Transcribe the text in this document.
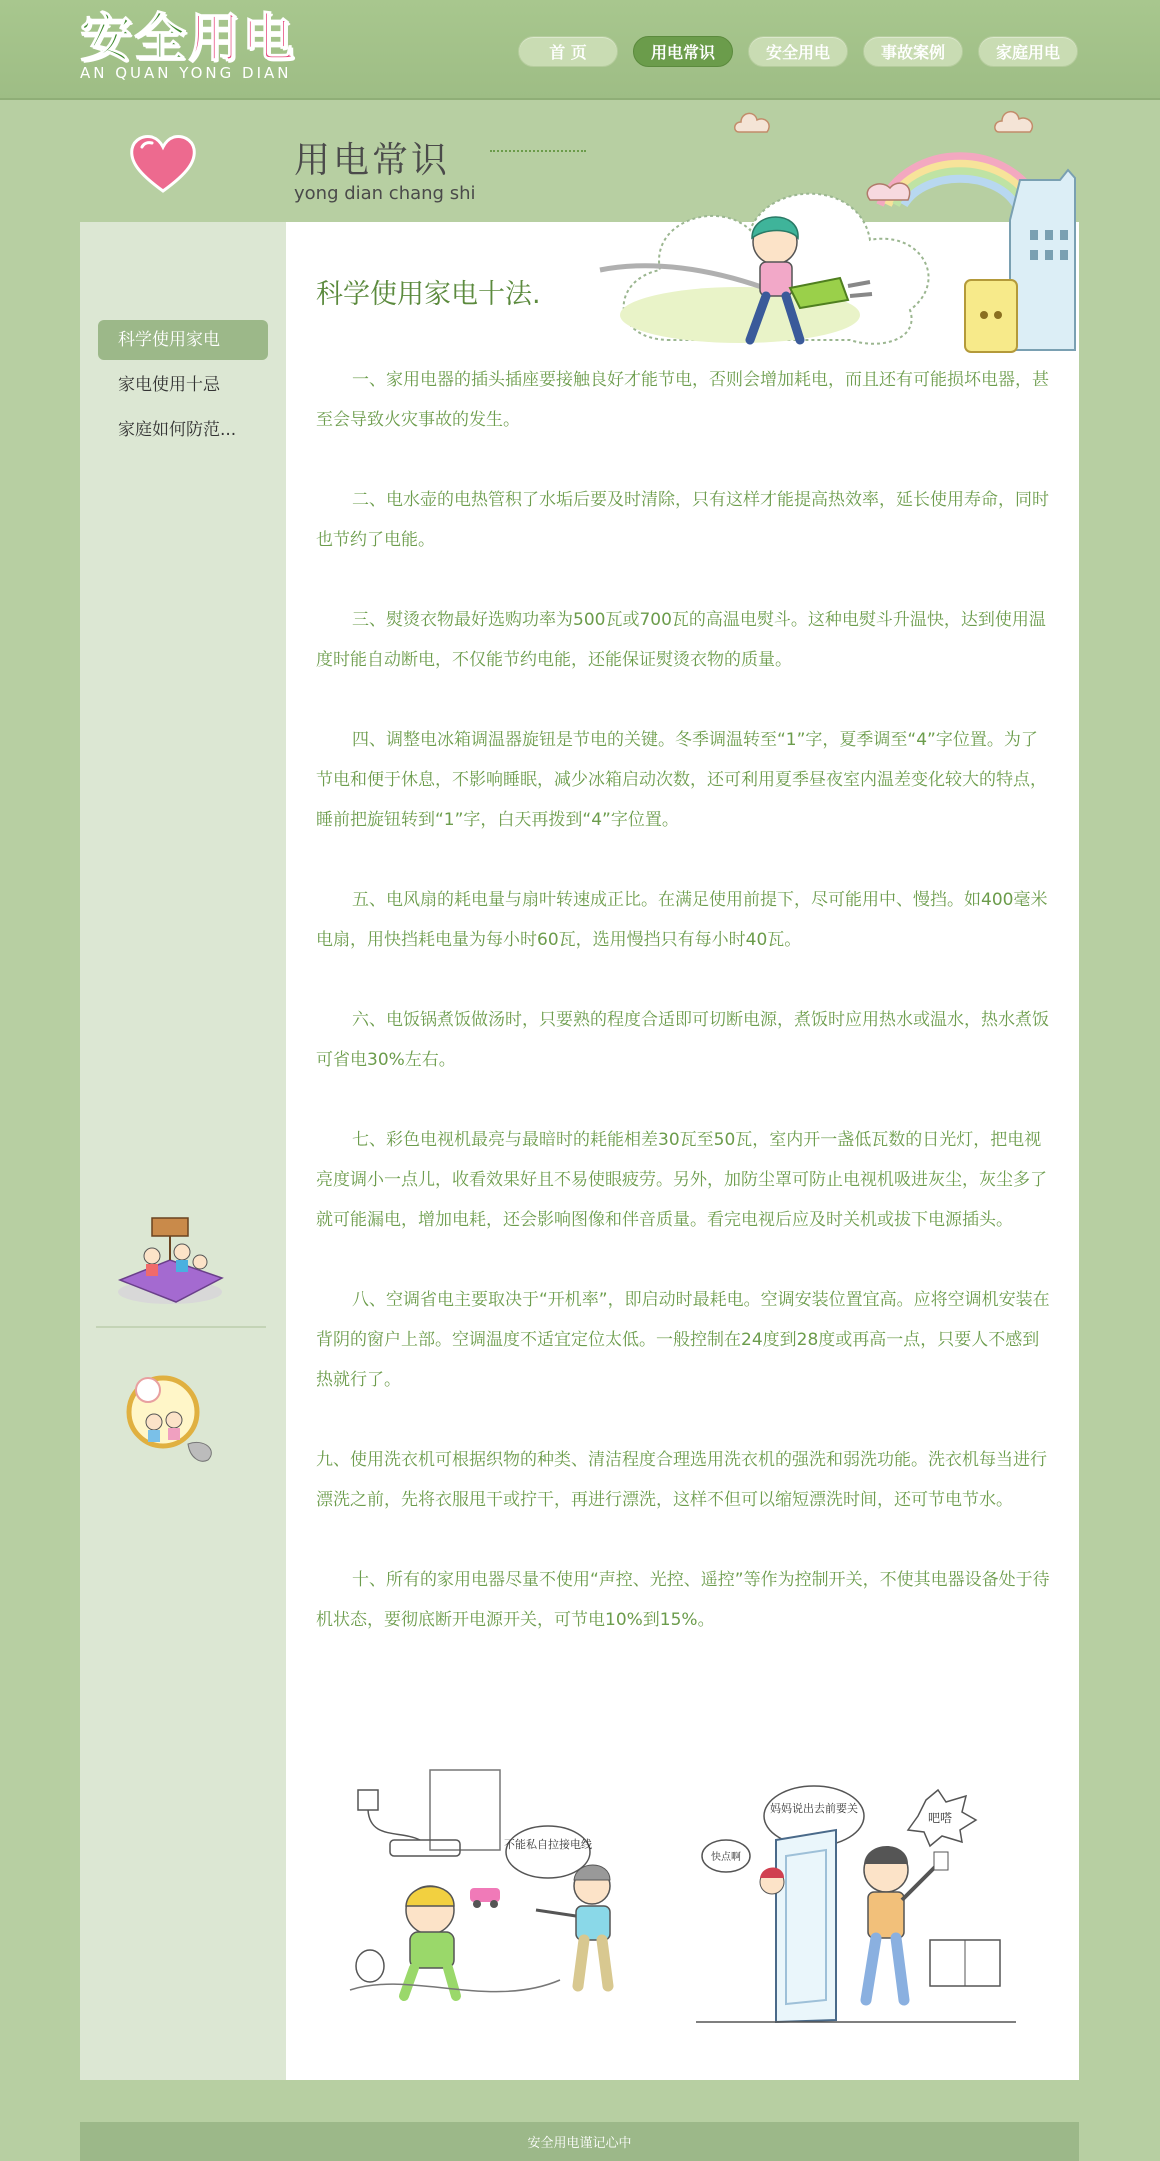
安全用电
AN QUAN YONG DIAN
首 页	用电常识	安全用电	事故案例	家庭用电
用电常识
yong dian chang shi
科学使用家电
家电使用十忌
家庭如何防范...
科学使用家电十法.

一、家用电器的插头插座要接触良好才能节电，否则会增加耗电，而且还有可能损坏电器，甚至会导致火灾事故的发生。

二、电水壶的电热管积了水垢后要及时清除，只有这样才能提高热效率，延长使用寿命，同时也节约了电能。

三、熨烫衣物最好选购功率为500瓦或700瓦的高温电熨斗。这种电熨斗升温快，达到使用温度时能自动断电，不仅能节约电能，还能保证熨烫衣物的质量。

四、调整电冰箱调温器旋钮是节电的关键。冬季调温转至“1”字，夏季调至“4”字位置。为了节电和便于休息，不影响睡眠，减少冰箱启动次数，还可利用夏季昼夜室内温差变化较大的特点，睡前把旋钮转到“1”字，白天再拨到“4”字位置。

五、电风扇的耗电量与扇叶转速成正比。在满足使用前提下，尽可能用中、慢挡。如400毫米电扇，用快挡耗电量为每小时60瓦，选用慢挡只有每小时40瓦。

六、电饭锅煮饭做汤时，只要熟的程度合适即可切断电源，煮饭时应用热水或温水，热水煮饭可省电30%左右。

七、彩色电视机最亮与最暗时的耗能相差30瓦至50瓦，室内开一盏低瓦数的日光灯，把电视亮度调小一点儿，收看效果好且不易使眼疲劳。另外，加防尘罩可防止电视机吸进灰尘，灰尘多了就可能漏电，增加电耗，还会影响图像和伴音质量。看完电视后应及时关机或拔下电源插头。

八、空调省电主要取决于“开机率”，即启动时最耗电。空调安装位置宜高。应将空调机安装在背阴的窗户上部。空调温度不适宜定位太低。一般控制在24度到28度或再高一点，只要人不感到热就行了。

九、使用洗衣机可根据织物的种类、清洁程度合理选用洗衣机的强洗和弱洗功能。洗衣机每当进行漂洗之前，先将衣服甩干或拧干，再进行漂洗，这样不但可以缩短漂洗时间，还可节电节水。

十、所有的家用电器尽量不使用“声控、光控、遥控”等作为控制开关，不使其电器设备处于待机状态，要彻底断开电源开关，可节电10%到15%。

不能私自拉接电线
妈妈说出去前要关
吧嗒
快点啊
安全用电谨记心中
